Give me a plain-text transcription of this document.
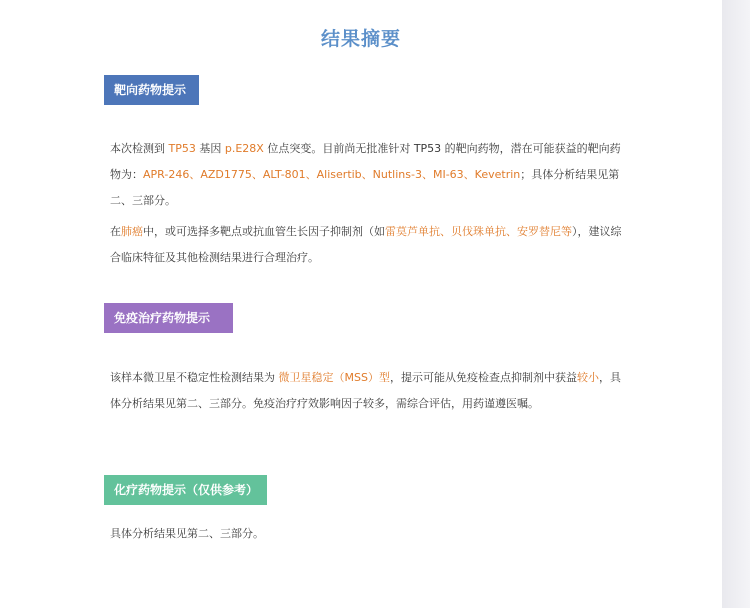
结果摘要
靶向药物提示
本次检测到 TP53 基因 p.E28X 位点突变。目前尚无批准针对 TP53 的靶向药物，潜在可能获益的靶向药物为：APR-246、AZD1775、ALT-801、Alisertib、Nutlins-3、MI-63、Kevetrin；具体分析结果见第二、三部分。
在肺癌中，或可选择多靶点或抗血管生长因子抑制剂（如雷莫芦单抗、贝伐珠单抗、安罗替尼等），建议综合临床特征及其他检测结果进行合理治疗。
免疫治疗药物提示
该样本微卫星不稳定性检测结果为 微卫星稳定（MSS）型，提示可能从免疫检查点抑制剂中获益较小，具体分析结果见第二、三部分。免疫治疗疗效影响因子较多，需综合评估，用药谨遵医嘱。
化疗药物提示（仅供参考）
具体分析结果见第二、三部分。
